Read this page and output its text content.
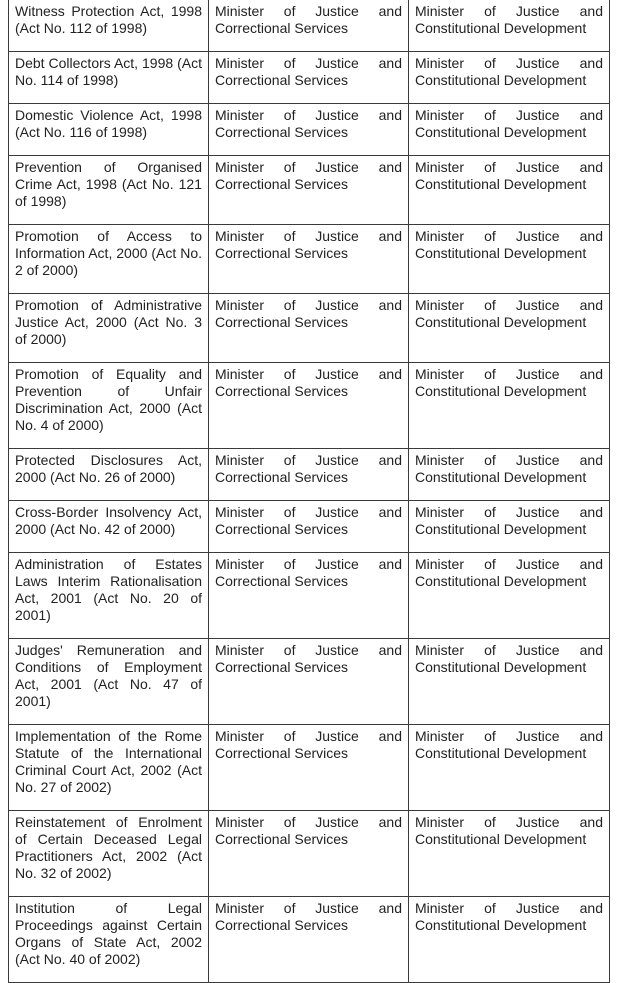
Witness Protection Act, 1998 (Act No. 112 of 1998)	Minister of Justice and Correctional Services	Minister of Justice and Constitutional Development
Debt Collectors Act, 1998 (Act No. 114 of 1998)	Minister of Justice and Correctional Services	Minister of Justice and Constitutional Development
Domestic Violence Act, 1998 (Act No. 116 of 1998)	Minister of Justice and Correctional Services	Minister of Justice and Constitutional Development
Prevention of Organised Crime Act, 1998 (Act No. 121 of 1998)	Minister of Justice and Correctional Services	Minister of Justice and Constitutional Development
Promotion of Access to Information Act, 2000 (Act No. 2 of 2000)	Minister of Justice and Correctional Services	Minister of Justice and Constitutional Development
Promotion of Administrative Justice Act, 2000 (Act No. 3 of 2000)	Minister of Justice and Correctional Services	Minister of Justice and Constitutional Development
Promotion of Equality and Prevention of Unfair Discrimination Act, 2000 (Act No. 4 of 2000)	Minister of Justice and Correctional Services	Minister of Justice and Constitutional Development
Protected Disclosures Act, 2000 (Act No. 26 of 2000)	Minister of Justice and Correctional Services	Minister of Justice and Constitutional Development
Cross-Border Insolvency Act, 2000 (Act No. 42 of 2000)	Minister of Justice and Correctional Services	Minister of Justice and Constitutional Development
Administration of Estates Laws Interim Rationalisation Act, 2001 (Act No. 20 of 2001)	Minister of Justice and Correctional Services	Minister of Justice and Constitutional Development
Judges' Remuneration and Conditions of Employment Act, 2001 (Act No. 47 of 2001)	Minister of Justice and Correctional Services	Minister of Justice and Constitutional Development
Implementation of the Rome Statute of the International Criminal Court Act, 2002 (Act No. 27 of 2002)	Minister of Justice and Correctional Services	Minister of Justice and Constitutional Development
Reinstatement of Enrolment of Certain Deceased Legal Practitioners Act, 2002 (Act No. 32 of 2002)	Minister of Justice and Correctional Services	Minister of Justice and Constitutional Development
Institution of Legal Proceedings against Certain Organs of State Act, 2002 (Act No. 40 of 2002)	Minister of Justice and Correctional Services	Minister of Justice and Constitutional Development
